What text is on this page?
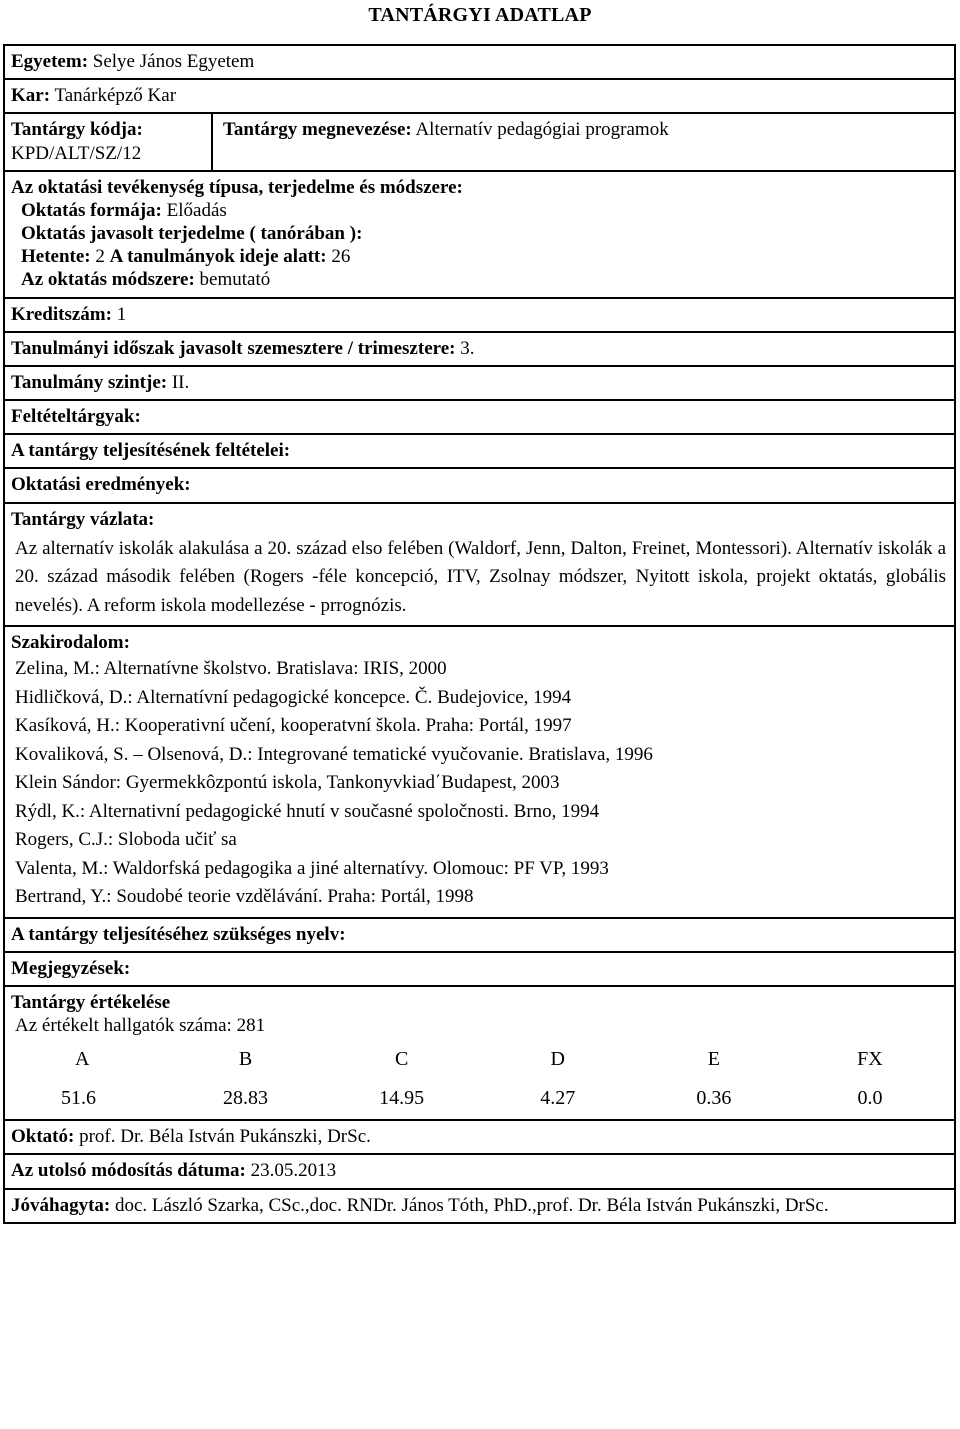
TANTÁRGYI ADATLAP
Egyetem: Selye János Egyetem
Kar: Tanárképző Kar
Tantárgy kódja:
KPD/ALT/SZ/12
Tantárgy megnevezése: Alternatív pedagógiai programok
Az oktatási tevékenység típusa, terjedelme és módszere:
Oktatás formája: Előadás
Oktatás javasolt terjedelme ( tanórában ):
Hetente: 2 A tanulmányok ideje alatt: 26
Az oktatás módszere: bemutató
Kreditszám: 1
Tanulmányi időszak javasolt szemesztere / trimesztere: 3.
Tanulmány szintje: II.
Feltételtárgyak:
A tantárgy teljesítésének feltételei:
Oktatási eredmények:
Tantárgy vázlata:
Az alternatív iskolák alakulása a 20. század elso felében (Waldorf, Jenn, Dalton, Freinet, Montessori). Alternatív iskolák a 20. század második felében (Rogers -féle koncepció, ITV, Zsolnay módszer, Nyitott iskola, projekt oktatás, globális nevelés). A reform iskola modellezése - prrognózis.
Szakirodalom:
Zelina, M.: Alternatívne školstvo. Bratislava: IRIS, 2000
Hidličková, D.: Alternatívní pedagogické koncepce. Č. Budejovice, 1994
Kasíková, H.: Kooperativní učení, kooperatvní škola. Praha: Portál, 1997
Kovaliková, S. – Olsenová, D.: Integrované tematické vyučovanie. Bratislava, 1996
Klein Sándor: Gyermekkôzpontú iskola, Tankonyvkiad΄Budapest, 2003
Rýdl, K.: Alternativní pedagogické hnutí v současné spoločnosti. Brno, 1994
Rogers, C.J.: Sloboda učiť sa
Valenta, M.: Waldorfská pedagogika a jiné alternatívy. Olomouc: PF VP, 1993
Bertrand, Y.: Soudobé teorie vzdělávání. Praha: Portál, 1998
A tantárgy teljesítéséhez szükséges nyelv:
Megjegyzések:
Tantárgy értékelése
Az értékelt hallgatók száma: 281
A	B	C	D	E	FX
51.6	28.83	14.95	4.27	0.36	0.0
Oktató: prof. Dr. Béla István Pukánszki, DrSc.
Az utolsó módosítás dátuma: 23.05.2013
Jóváhagyta: doc. László Szarka, CSc.,doc. RNDr. János Tóth, PhD.,prof. Dr. Béla István Pukánszki, DrSc.
